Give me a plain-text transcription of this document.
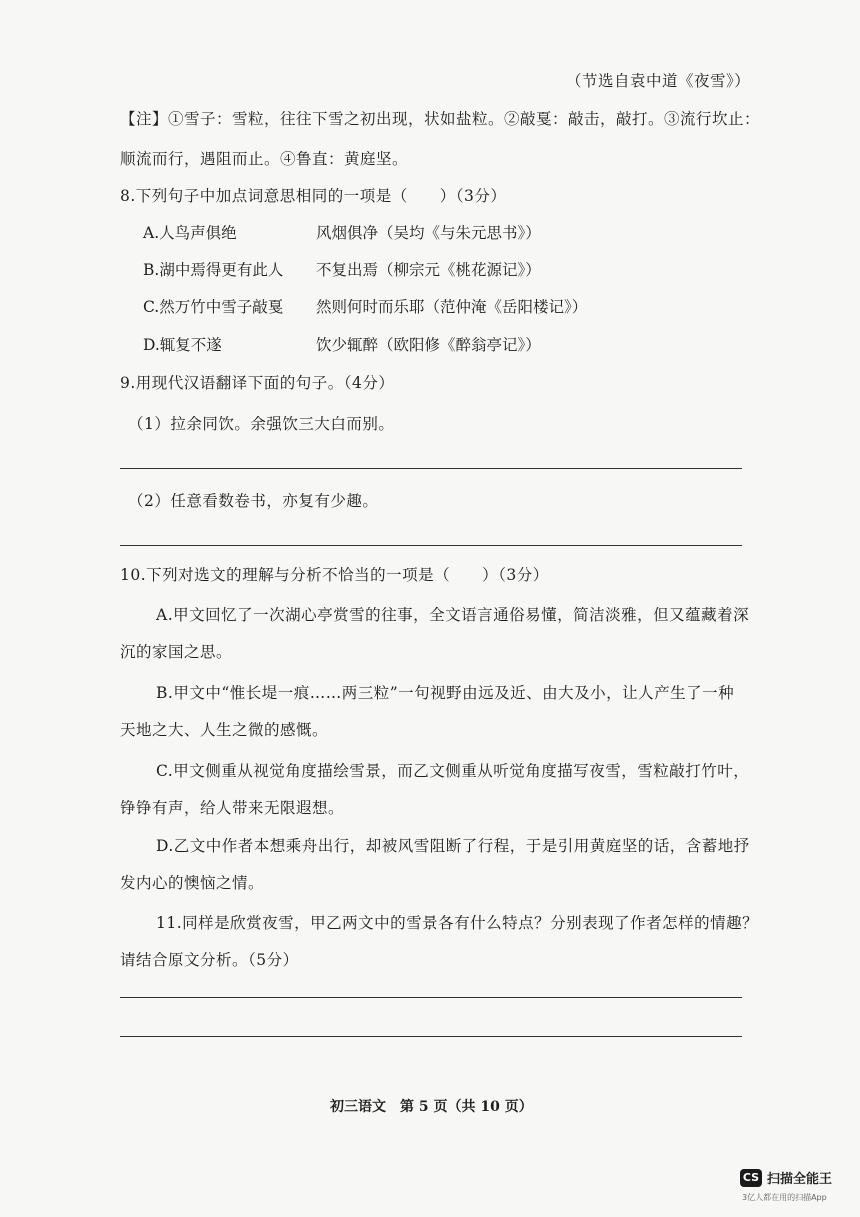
（节选自袁中道《夜雪》）
【注】①雪子：雪粒，往往下雪之初出现，状如盐粒。②敲戛：敲击，敲打。③流行坎止：
顺流而行，遇阻而止。④鲁直：黄庭坚。
8.下列句子中加点词意思相同的一项是（　　）（3分）
A.人鸟声俱绝	风烟俱净（吴均《与朱元思书》）
B.湖中焉得更有此人 不复出焉（柳宗元《桃花源记》）
C.然万竹中雪子敲戛 然则何时而乐耶（范仲淹《岳阳楼记》）
D.辄复不遂	饮少辄醉（欧阳修《醉翁亭记》）
9.用现代汉语翻译下面的句子。（4分）
（1）拉余同饮。余强饮三大白而别。
（2）任意看数卷书，亦复有少趣。
10.下列对选文的理解与分析不恰当的一项是（　　）（3分）
A.甲文回忆了一次湖心亭赏雪的往事，全文语言通俗易懂，简洁淡雅，但又蕴藏着深
沉的家国之思。
B.甲文中“惟长堤一痕……两三粒”一句视野由远及近、由大及小，让人产生了一种
天地之大、人生之微的感慨。
C.甲文侧重从视觉角度描绘雪景，而乙文侧重从听觉角度描写夜雪，雪粒敲打竹叶，
铮铮有声，给人带来无限遐想。
D.乙文中作者本想乘舟出行，却被风雪阻断了行程，于是引用黄庭坚的话，含蓄地抒
发内心的懊恼之情。
11.同样是欣赏夜雪，甲乙两文中的雪景各有什么特点？分别表现了作者怎样的情趣？
请结合原文分析。（5分）
初三语文　第 5 页（共 10 页）
CS 扫描全能王
3亿人都在用的扫描App
